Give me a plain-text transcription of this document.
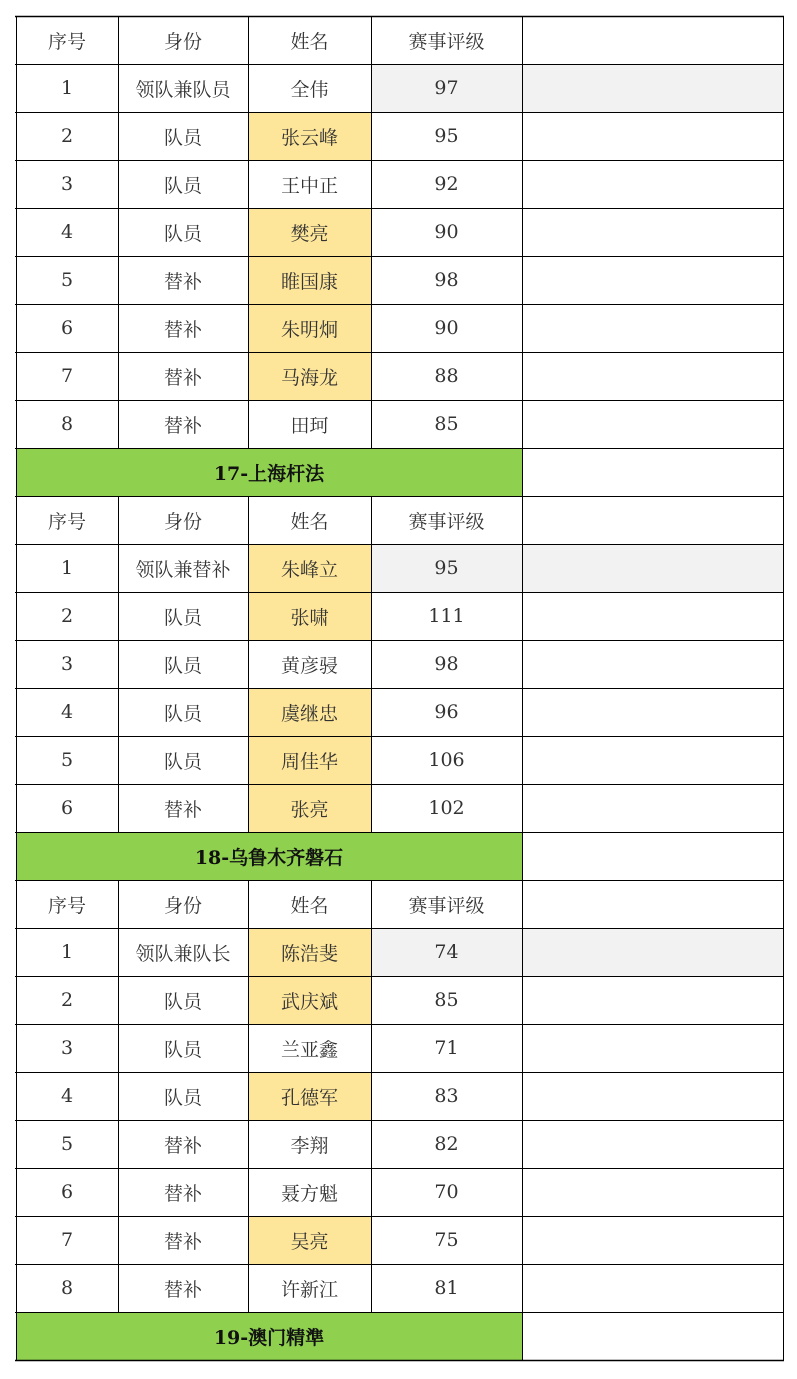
序号	身份	姓名	赛事评级
1	领队兼队员	全伟	97
2	队员	张云峰	95
3	队员	王中正	92
4	队员	樊亮	90
5	替补	睢国康	98
6	替补	朱明炯	90
7	替补	马海龙	88
8	替补	田珂	85
17-上海杆法
序号	身份	姓名	赛事评级
1	领队兼替补	朱峰立	95
2	队员	张啸	111
3	队员	黄彦骎	98
4	队员	虞继忠	96
5	队员	周佳华	106
6	替补	张亮	102
18-乌鲁木齐磐石
序号	身份	姓名	赛事评级
1	领队兼队长	陈浩斐	74
2	队员	武庆斌	85
3	队员	兰亚鑫	71
4	队员	孔德军	83
5	替补	李翔	82
6	替补	聂方魁	70
7	替补	吴亮	75
8	替补	许新江	81
19-澳门精準
